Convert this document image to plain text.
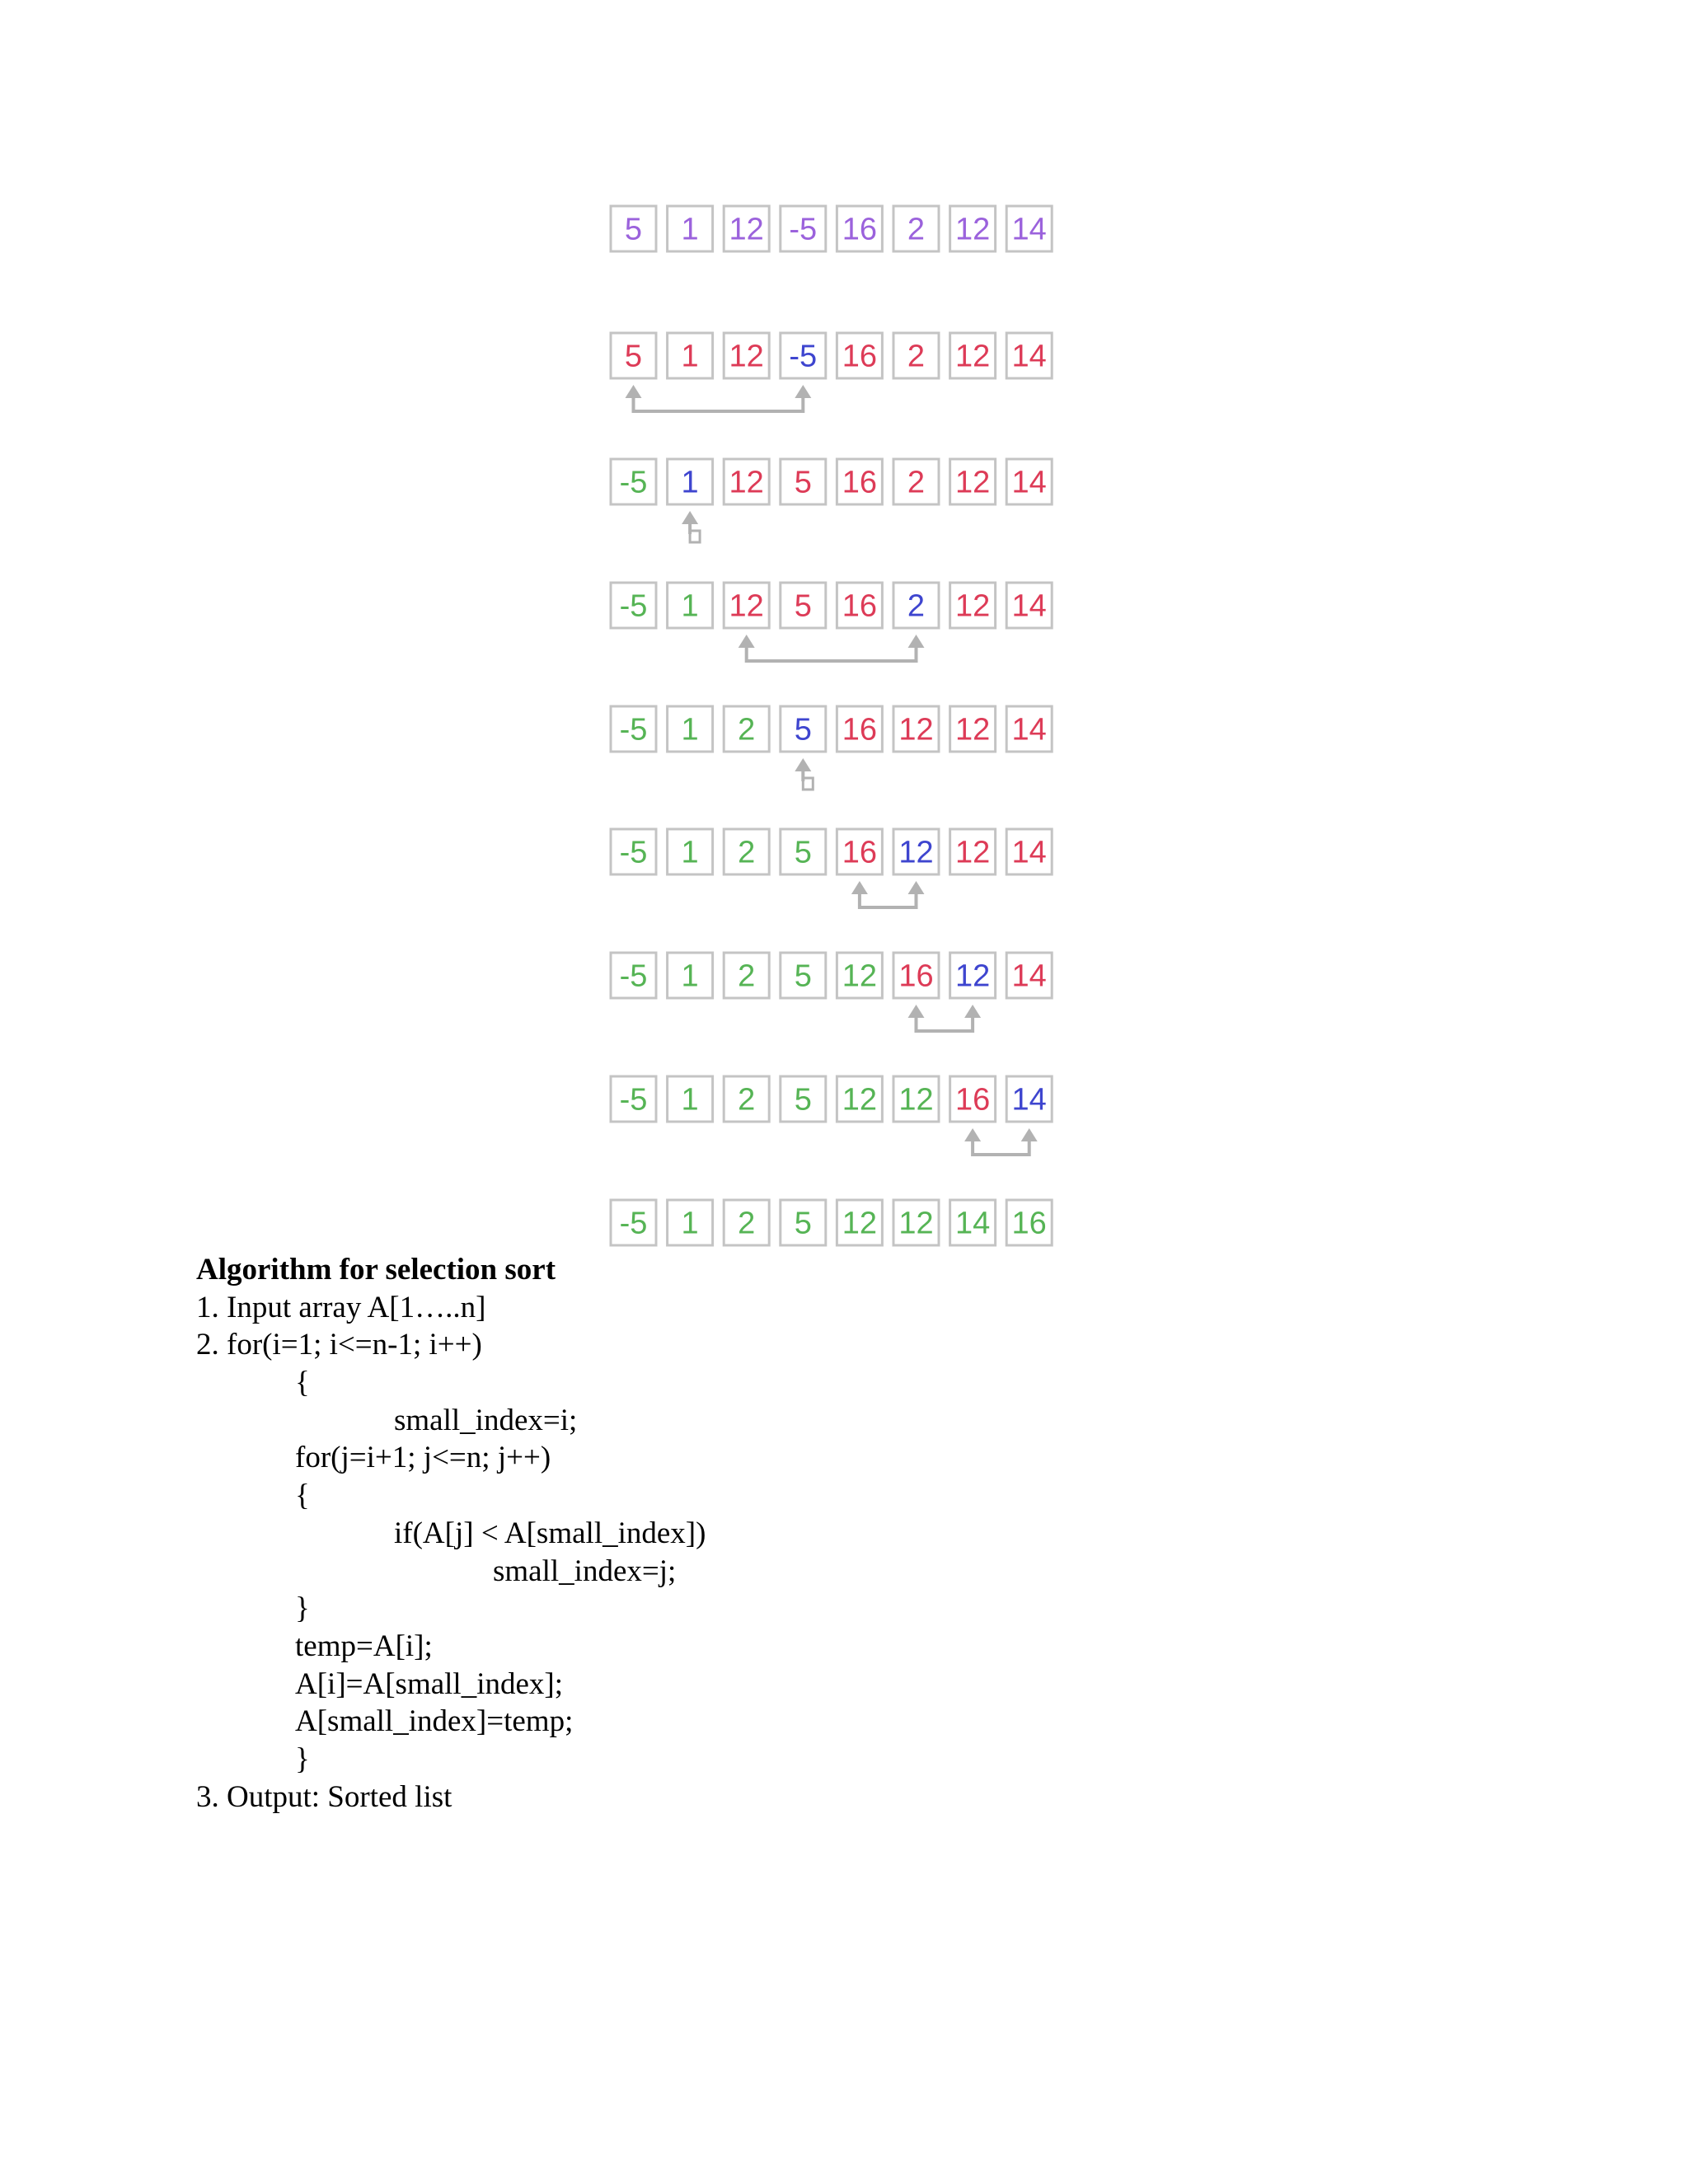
5 1 12 -5 16 2 12 14
5 1 12 -5 16 2 12 14
-5 1 12 5 16 2 12 14
-5 1 12 5 16 2 12 14
-5 1 2 5 16 12 12 14
-5 1 2 5 16 12 12 14
-5 1 2 5 12 16 12 14
-5 1 2 5 12 12 16 14
-5 1 2 5 12 12 14 16
Algorithm for selection sort
1. Input array A[1…..n]
2. for(i=1; i<=n-1; i++)
{
small_index=i;
for(j=i+1; j<=n; j++)
{
if(A[j] < A[small_index])
small_index=j;
}
temp=A[i];
A[i]=A[small_index];
A[small_index]=temp;
}
3. Output: Sorted list
